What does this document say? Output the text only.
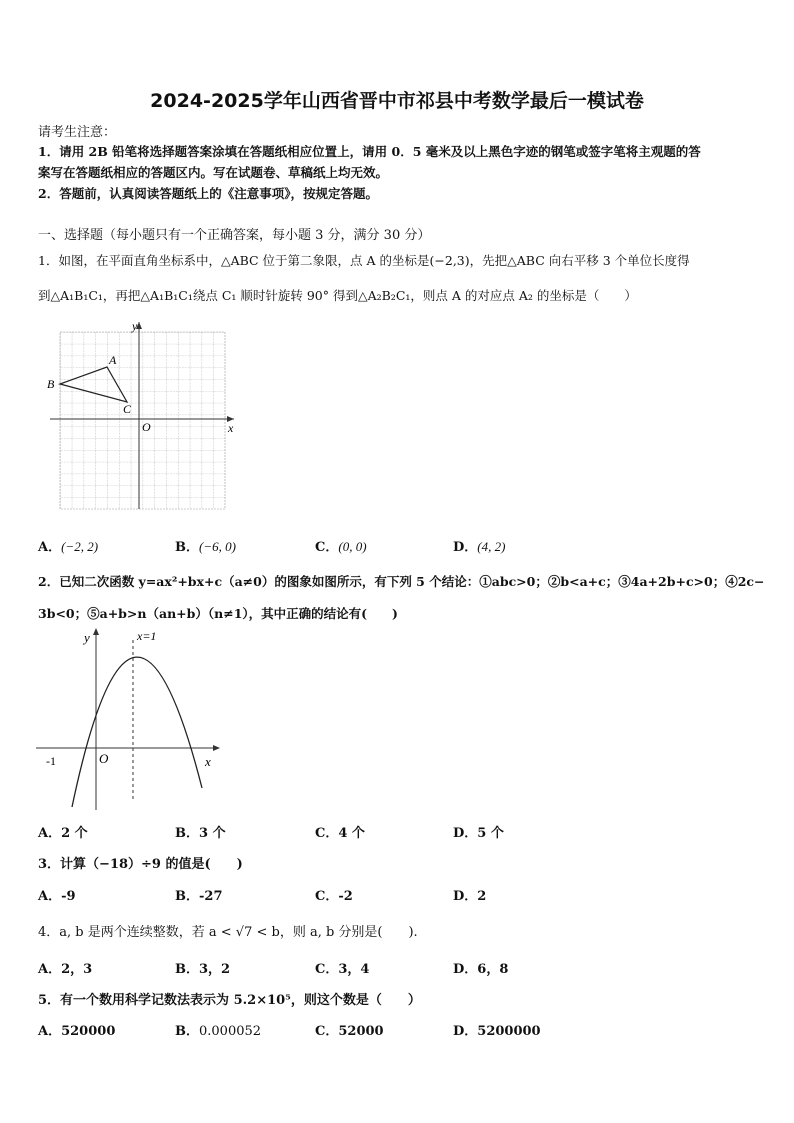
2024-2025学年山西省晋中市祁县中考数学最后一模试卷
请考生注意：
1．请用 2B 铅笔将选择题答案涂填在答题纸相应位置上，请用 0．5 毫米及以上黑色字迹的钢笔或签字笔将主观题的答
案写在答题纸相应的答题区内。写在试题卷、草稿纸上均无效。
2．答题前，认真阅读答题纸上的《注意事项》，按规定答题。
一、选择题（每小题只有一个正确答案，每小题 3 分，满分 30 分）
1．如图，在平面直角坐标系中，△ABC 位于第二象限，点 A 的坐标是(−2,3)，先把△ABC 向右平移 3 个单位长度得
到△A₁B₁C₁，再把△A₁B₁C₁绕点 C₁ 顺时针旋转 90° 得到△A₂B₂C₁，则点 A 的对应点 A₂ 的坐标是（　　）
y
x
O
A
B
C
A．(−2, 2)	B．(−6, 0)	C．(0, 0)	D．(4, 2)
2．已知二次函数 y=ax²+bx+c（a≠0）的图象如图所示，有下列 5 个结论：①abc>0；②b<a+c；③4a+2b+c>0；④2c−
3b<0；⑤a+b>n（an+b）（n≠1），其中正确的结论有(　　)
y	x=1
-1	O	x
A．2 个	B．3 个	C．4 个	D．5 个
3．计算（−18）÷9 的值是(　　)
A．-9	B．-27	C．-2	D．2
4．a, b 是两个连续整数，若 a < √7 < b，则 a, b 分别是(　　).
A．2，3	B．3，2	C．3，4	D．6，8
5．有一个数用科学记数法表示为 5.2×10⁵，则这个数是（　　）
A．520000	B．0.000052	C．52000	D．5200000
